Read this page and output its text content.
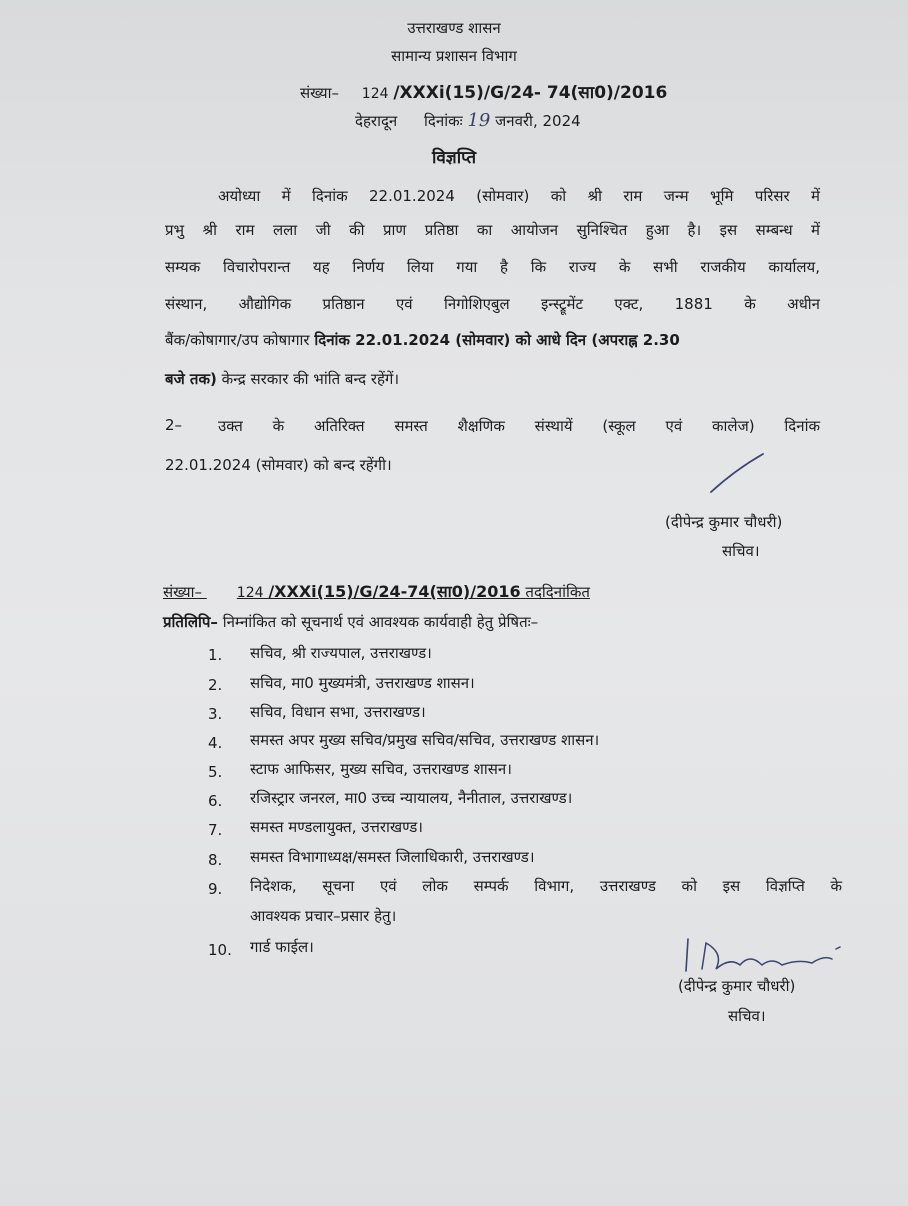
उत्तराखण्ड शासन
सामान्य प्रशासन विभाग
संख्या– 124 /XXXi(15)/G/24- 74(सा0)/2016
देहरादून दिनांकः 19 जनवरी, 2024
विज्ञप्ति
अयोध्या में दिनांक 22.01.2024 (सोमवार) को श्री राम जन्म भूमि परिसर में
प्रभु श्री राम लला जी की प्राण प्रतिष्ठा का आयोजन सुनिश्चित हुआ है। इस सम्बन्ध में
सम्यक विचारोपरान्त यह निर्णय लिया गया है कि राज्य के सभी राजकीय कार्यालय,
संस्थान, औद्योगिक प्रतिष्ठान एवं निगोशिएबुल इन्स्ट्रूमेंट एक्ट, 1881 के अधीन
बैंक/कोषागार/उप कोषागार दिनांक 22.01.2024 (सोमवार) को आधे दिन (अपराह्न 2.30
बजे तक) केन्द्र सरकार की भांति बन्द रहेंगें।
2– उक्त के अतिरिक्त समस्त शैक्षणिक संस्थायें (स्कूल एवं कालेज) दिनांक
22.01.2024 (सोमवार) को बन्द रहेंगी।
(दीपेन्द्र कुमार चौधरी)
सचिव।
संख्या– 124 /XXXi(15)/G/24-74(सा0)/2016 तददिनांकित
प्रतिलिपि– निम्नांकित को सूचनार्थ एवं आवश्यक कार्यवाही हेतु प्रेषितः–
1. सचिव, श्री राज्यपाल, उत्तराखण्ड।
2. सचिव, मा0 मुख्यमंत्री, उत्तराखण्ड शासन।
3. सचिव, विधान सभा, उत्तराखण्ड।
4. समस्त अपर मुख्य सचिव/प्रमुख सचिव/सचिव, उत्तराखण्ड शासन।
5. स्टाफ आफिसर, मुख्य सचिव, उत्तराखण्ड शासन।
6. रजिस्ट्रार जनरल, मा0 उच्च न्यायालय, नैनीताल, उत्तराखण्ड।
7. समस्त मण्डलायुक्त, उत्तराखण्ड।
8. समस्त विभागाध्यक्ष/समस्त जिलाधिकारी, उत्तराखण्ड।
9. निदेशक, सूचना एवं लोक सम्पर्क विभाग, उत्तराखण्ड को इस विज्ञप्ति के
आवश्यक प्रचार–प्रसार हेतु।
10. गार्ड फाईल।
(दीपेन्द्र कुमार चौधरी)
सचिव।
